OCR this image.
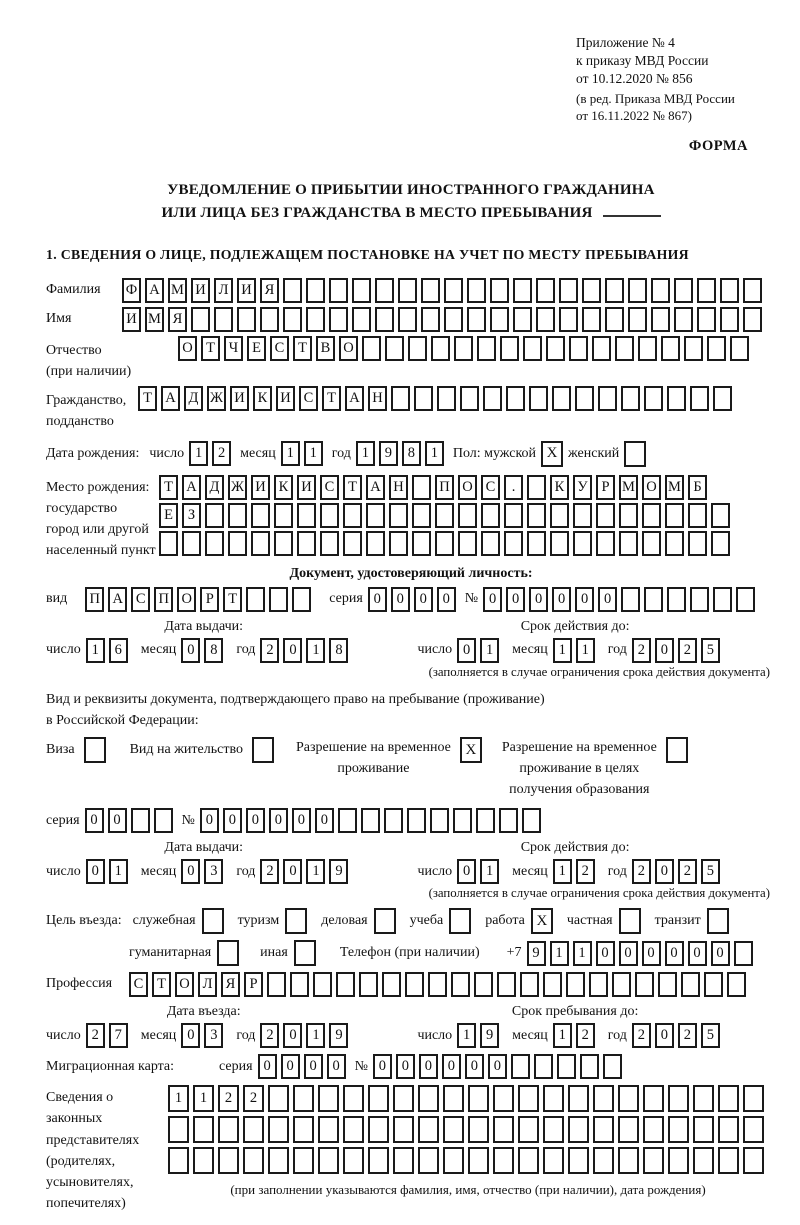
Приложение № 4
к приказу МВД России
от 10.12.2020 № 856
(в ред. Приказа МВД России
от 16.11.2022 № 867)
ФОРМА
УВЕДОМЛЕНИЕ О ПРИБЫТИИ ИНОСТРАННОГО ГРАЖДАНИНА
ИЛИ ЛИЦА БЕЗ ГРАЖДАНСТВА В МЕСТО ПРЕБЫВАНИЯ
1. СВЕДЕНИЯ О ЛИЦЕ, ПОДЛЕЖАЩЕМ ПОСТАНОВКЕ НА УЧЕТ ПО МЕСТУ ПРЕБЫВАНИЯ
Фамилия	Ф А М И Л И Я
Имя	И М Я
Отчество
(при наличии)
О Т Ч Е С Т В О
Гражданство,
подданство
Т А Д Ж И К И С Т А Н
Дата рождения: число 1	2	месяц 1	1	год 1	9	8	1	Пол: мужской X женский
Место рождения:
государство
город или другой
населенный пункт
Т А Д Ж И К И С Т А Н П О С	.	К У Р М О М Б
Е	З
Документ, удостоверяющий личность:
вид П А С П О Р	Т	серия 0	0	0	0	№ 0	0	0	0	0	0
Дата выдачи:
число 1	6	месяц 0	8	год 2	0	1	8
Срок действия до:
число 0	1	месяц 1	1	год 2	0	2	5
(заполняется в случае ограничения срока действия документа)
Вид и реквизиты документа, подтверждающего право на пребывание (проживание)
в Российской Федерации:
Виза	Вид на жительство	Разрешение на временное
проживание
X	Разрешение на временное
проживание в целях
получения образования
серия 0	0	№ 0	0	0	0	0	0
Дата выдачи:
число 0	1	месяц 0	3	год 2	0	1	9
Срок действия до:
число 0	1	месяц 1	2	год 2	0	2	5
(заполняется в случае ограничения срока действия документа)
Цель въезда: служебная	туризм	деловая	учеба	работа X	частная	транзит
гуманитарная	иная	Телефон (при наличии) +7 9	1	1	0	0	0	0	0	0
Профессия	С Т О Л Я Р
Дата въезда:
число 2	7	месяц 0	3	год 2	0	1	9
Срок пребывания до:
число 1	9	месяц 1	2	год 2	0	2	5
Миграционная карта:	серия 0	0	0	0	№ 0	0	0	0	0	0
Сведения о
законных
представителях
(родителях,
усыновителях,
попечителях)
1	1	2	2
(при заполнении указываются фамилия, имя, отчество (при наличии), дата рождения)
